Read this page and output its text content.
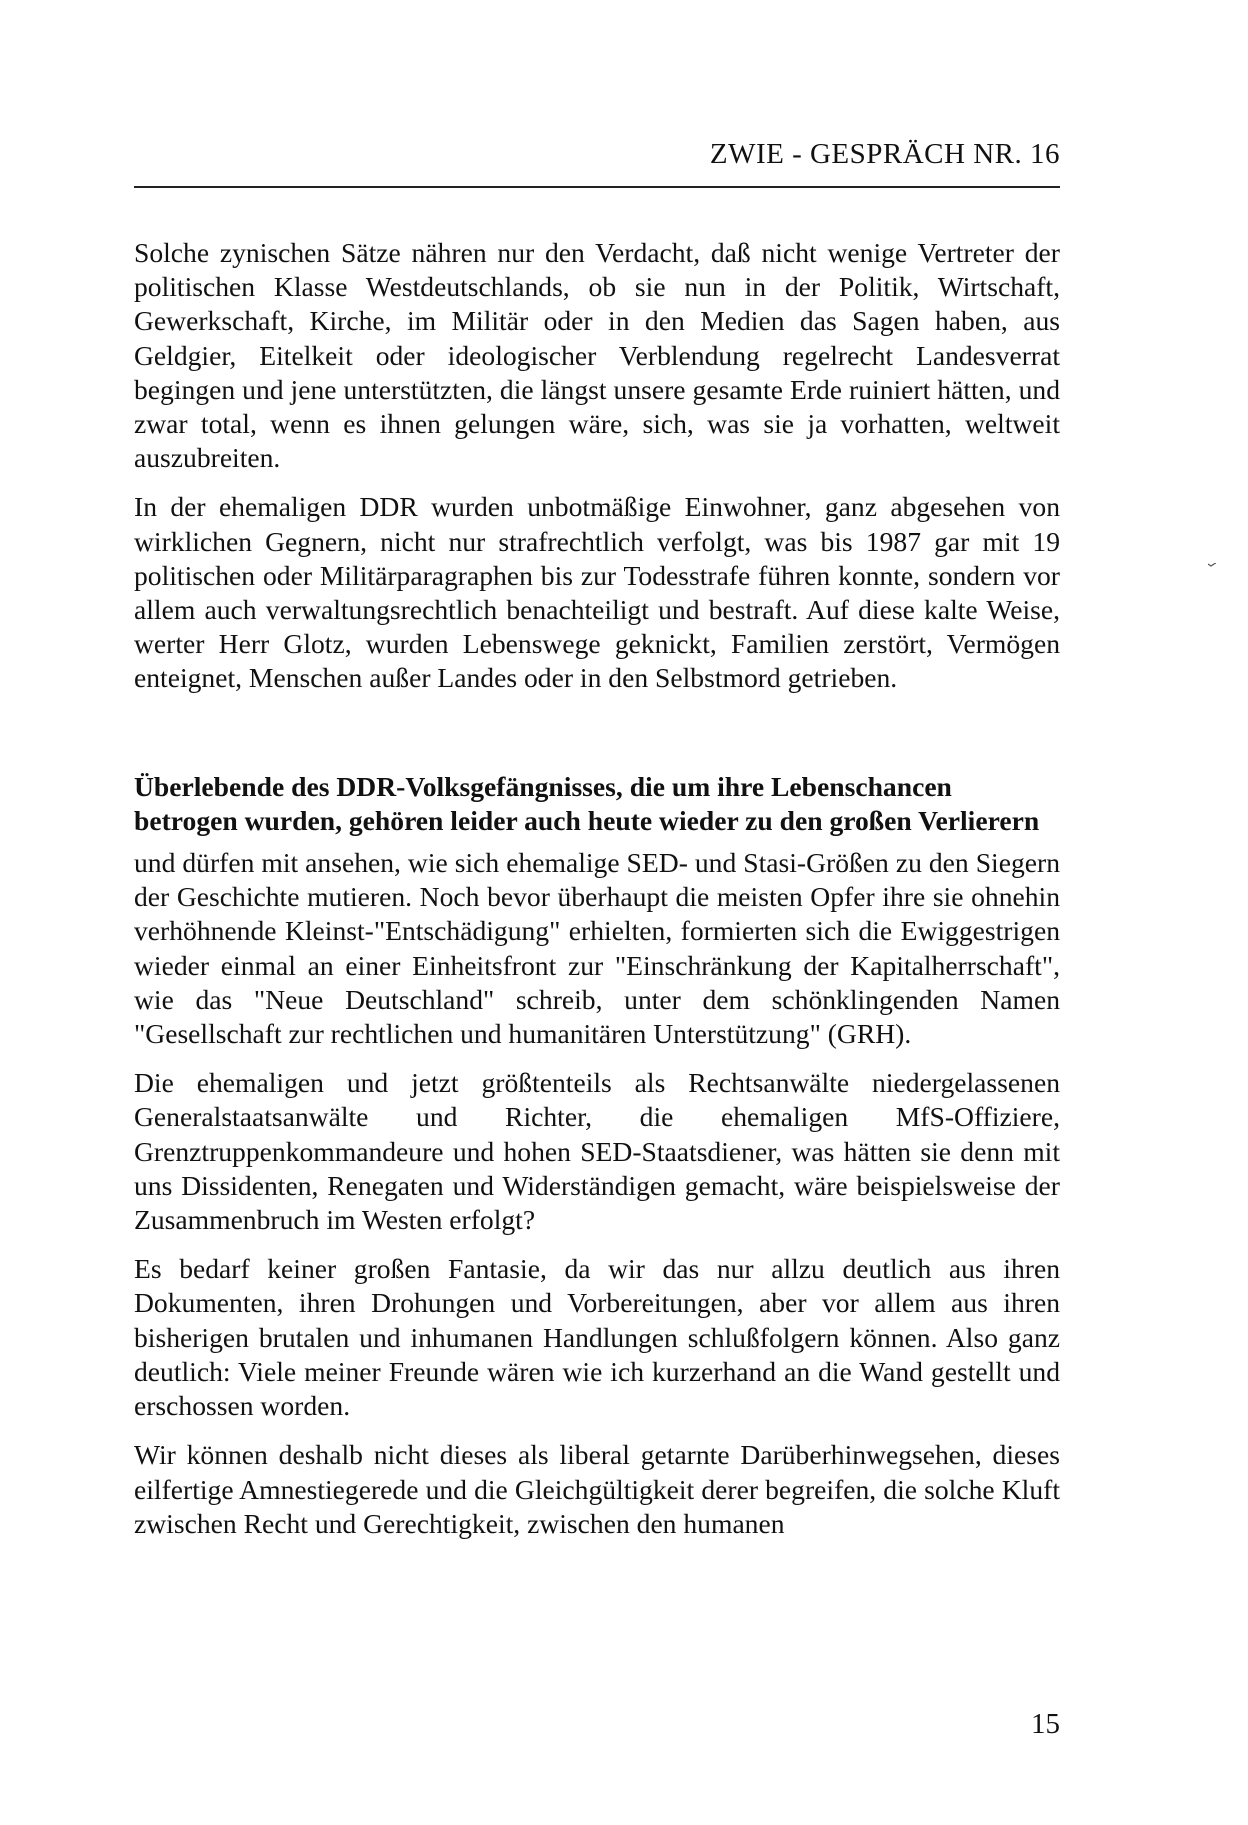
ZWIE - GESPRÄCH NR. 16

Solche zynischen Sätze nähren nur den Verdacht, daß nicht wenige Vertreter der politischen Klasse Westdeutschlands, ob sie nun in der Politik, Wirtschaft, Gewerkschaft, Kirche, im Militär oder in den Medien das Sagen haben, aus Geldgier, Eitelkeit oder ideologischer Verblendung regelrecht Landesverrat begingen und jene unterstützten, die längst unsere gesamte Erde ruiniert hätten, und zwar total, wenn es ihnen gelungen wäre, sich, was sie ja vorhatten, weltweit auszubreiten.

In der ehemaligen DDR wurden unbotmäßige Einwohner, ganz abgesehen von wirklichen Gegnern, nicht nur strafrechtlich verfolgt, was bis 1987 gar mit 19 politischen oder Militärparagraphen bis zur Todesstrafe führen konnte, sondern vor allem auch verwaltungsrechtlich benachteiligt und bestraft. Auf diese kalte Weise, werter Herr Glotz, wurden Lebenswege geknickt, Familien zerstört, Vermögen enteignet, Menschen außer Landes oder in den Selbstmord getrieben.

Überlebende des DDR-Volksgefängnisses, die um ihre Lebenschancen betrogen wurden, gehören leider auch heute wieder zu den großen Verlierern

und dürfen mit ansehen, wie sich ehemalige SED- und Stasi-Größen zu den Siegern der Geschichte mutieren. Noch bevor überhaupt die meisten Opfer ihre sie ohnehin verhöhnende Kleinst-"Entschädigung" erhielten, formierten sich die Ewiggestrigen wieder einmal an einer Einheitsfront zur "Einschränkung der Kapitalherrschaft", wie das "Neue Deutschland" schreib, unter dem schönklingenden Namen "Gesellschaft zur rechtlichen und humanitären Unterstützung" (GRH).

Die ehemaligen und jetzt größtenteils als Rechtsanwälte niedergelassenen Generalstaatsanwälte und Richter, die ehemaligen MfS-Offiziere, Grenztruppenkommandeure und hohen SED-Staatsdiener, was hätten sie denn mit uns Dissidenten, Renegaten und Widerständigen gemacht, wäre beispielsweise der Zusammenbruch im Westen erfolgt?

Es bedarf keiner großen Fantasie, da wir das nur allzu deutlich aus ihren Dokumenten, ihren Drohungen und Vorbereitungen, aber vor allem aus ihren bisherigen brutalen und inhumanen Handlungen schlußfolgern können. Also ganz deutlich: Viele meiner Freunde wären wie ich kurzerhand an die Wand gestellt und erschossen worden.

Wir können deshalb nicht dieses als liberal getarnte Darüberhinwegsehen, dieses eilfertige Amnestiegerede und die Gleichgültigkeit derer begreifen, die solche Kluft zwischen Recht und Gerechtigkeit, zwischen den humanen

15
